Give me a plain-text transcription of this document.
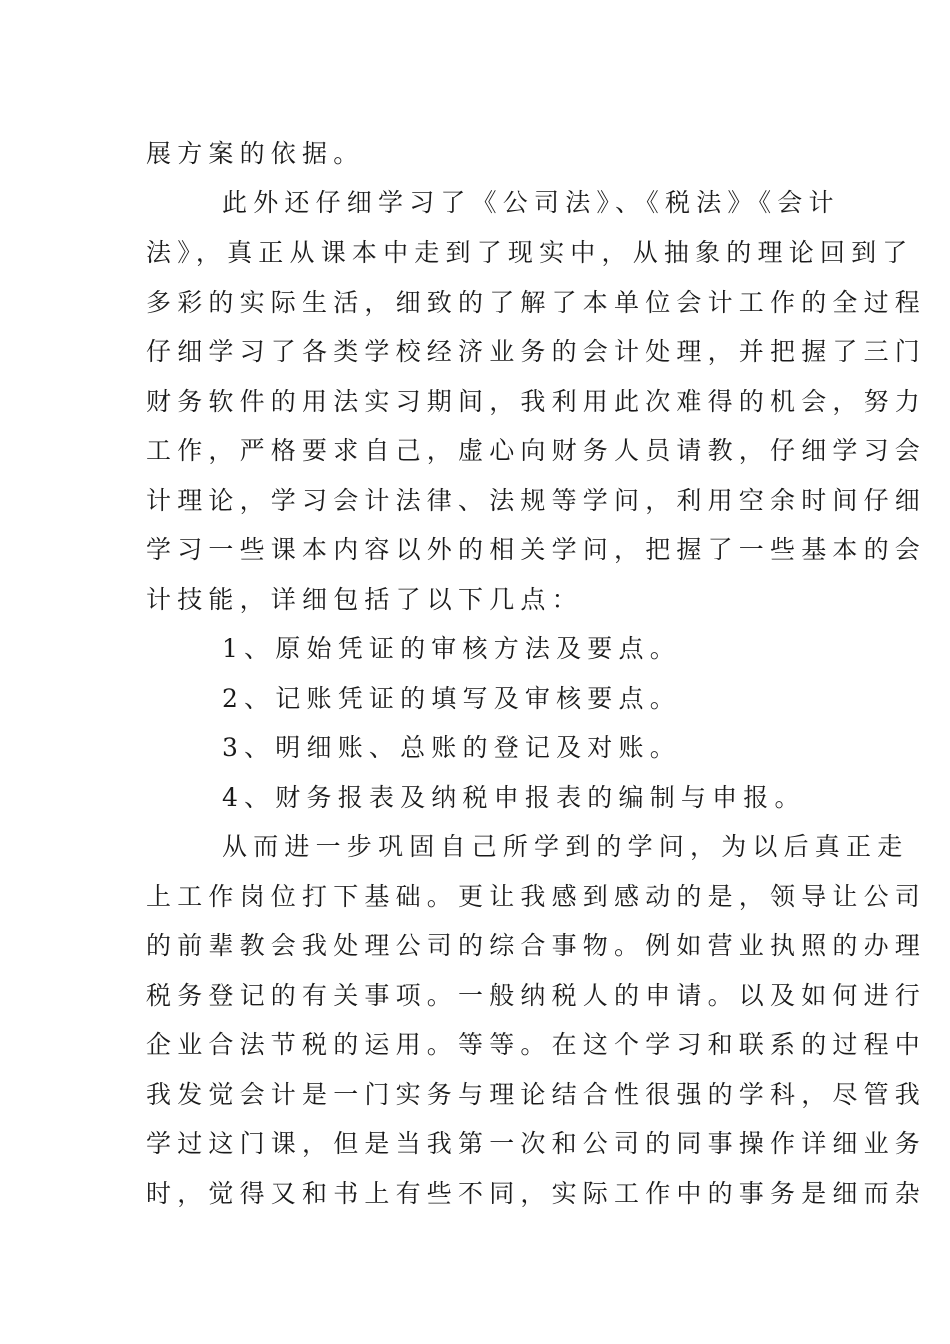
展方案的依据。
此外还仔细学习了《公司法》、《税法》《会计
法》，真正从课本中走到了现实中，从抽象的理论回到了
多彩的实际生活，细致的了解了本单位会计工作的全过程
仔细学习了各类学校经济业务的会计处理，并把握了三门
财务软件的用法实习期间，我利用此次难得的机会，努力
工作，严格要求自己，虚心向财务人员请教，仔细学习会
计理论，学习会计法律、法规等学问，利用空余时间仔细
学习一些课本内容以外的相关学问，把握了一些基本的会
计技能，详细包括了以下几点：
1、原始凭证的审核方法及要点。
2、记账凭证的填写及审核要点。
3、明细账、总账的登记及对账。
4、财务报表及纳税申报表的编制与申报。
从而进一步巩固自己所学到的学问，为以后真正走
上工作岗位打下基础。更让我感到感动的是，领导让公司
的前辈教会我处理公司的综合事物。例如营业执照的办理
税务登记的有关事项。一般纳税人的申请。以及如何进行
企业合法节税的运用。等等。在这个学习和联系的过程中
我发觉会计是一门实务与理论结合性很强的学科，尽管我
学过这门课，但是当我第一次和公司的同事操作详细业务
时，觉得又和书上有些不同，实际工作中的事务是细而杂
